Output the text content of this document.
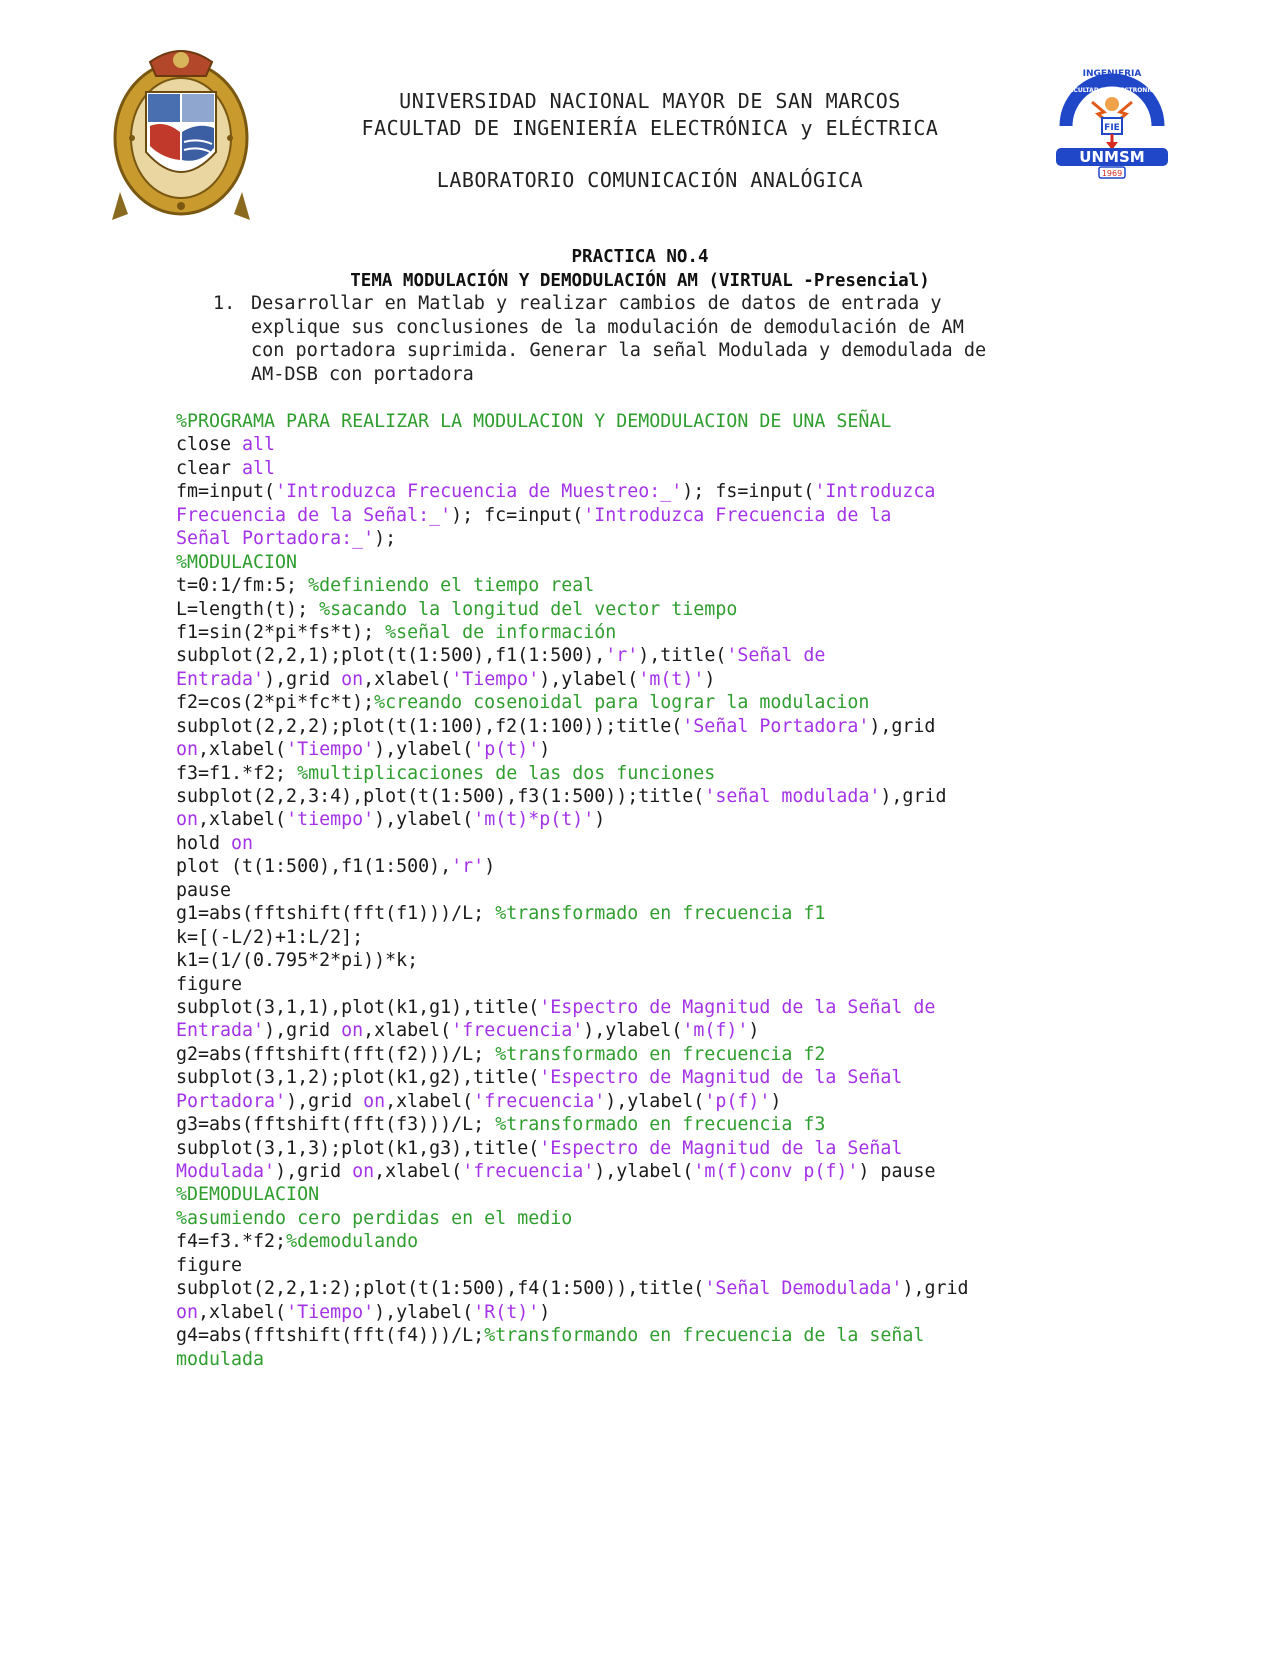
UNIVERSIDAD NACIONAL MAYOR DE SAN MARCOS
FACULTAD DE INGENIERÍA ELECTRÓNICA y ELÉCTRICA
LABORATORIO COMUNICACIÓN ANALÓGICA
INGENIERIA
FACULTAD DE ELECTRONICA
FIE
UNMSM
1969
PRACTICA NO.4
TEMA MODULACIÓN Y DEMODULACIÓN AM (VIRTUAL -Presencial)
1. Desarrollar en Matlab y realizar cambios de datos de entrada y
explique sus conclusiones de la modulación de demodulación de AM
con portadora suprimida. Generar la señal Modulada y demodulada de
AM-DSB con portadora
%PROGRAMA PARA REALIZAR LA MODULACION Y DEMODULACION DE UNA SEÑAL
close all
clear all
fm=input('Introduzca Frecuencia de Muestreo:_'); fs=input('Introduzca
Frecuencia de la Señal:_'); fc=input('Introduzca Frecuencia de la
Señal Portadora:_');
%MODULACION
t=0:1/fm:5; %definiendo el tiempo real
L=length(t); %sacando la longitud del vector tiempo
f1=sin(2*pi*fs*t); %señal de información
subplot(2,2,1);plot(t(1:500),f1(1:500),'r'),title('Señal de
Entrada'),grid on,xlabel('Tiempo'),ylabel('m(t)')
f2=cos(2*pi*fc*t);%creando cosenoidal para lograr la modulacion
subplot(2,2,2);plot(t(1:100),f2(1:100));title('Señal Portadora'),grid
on,xlabel('Tiempo'),ylabel('p(t)')
f3=f1.*f2; %multiplicaciones de las dos funciones
subplot(2,2,3:4),plot(t(1:500),f3(1:500));title('señal modulada'),grid
on,xlabel('tiempo'),ylabel('m(t)*p(t)')
hold on
plot (t(1:500),f1(1:500),'r')
pause
g1=abs(fftshift(fft(f1)))/L; %transformado en frecuencia f1
k=[(-L/2)+1:L/2];
k1=(1/(0.795*2*pi))*k;
figure
subplot(3,1,1),plot(k1,g1),title('Espectro de Magnitud de la Señal de
Entrada'),grid on,xlabel('frecuencia'),ylabel('m(f)')
g2=abs(fftshift(fft(f2)))/L; %transformado en frecuencia f2
subplot(3,1,2);plot(k1,g2),title('Espectro de Magnitud de la Señal
Portadora'),grid on,xlabel('frecuencia'),ylabel('p(f)')
g3=abs(fftshift(fft(f3)))/L; %transformado en frecuencia f3
subplot(3,1,3);plot(k1,g3),title('Espectro de Magnitud de la Señal
Modulada'),grid on,xlabel('frecuencia'),ylabel('m(f)conv p(f)') pause
%DEMODULACION
%asumiendo cero perdidas en el medio
f4=f3.*f2;%demodulando
figure
subplot(2,2,1:2);plot(t(1:500),f4(1:500)),title('Señal Demodulada'),grid
on,xlabel('Tiempo'),ylabel('R(t)')
g4=abs(fftshift(fft(f4)))/L;%transformando en frecuencia de la señal
modulada
